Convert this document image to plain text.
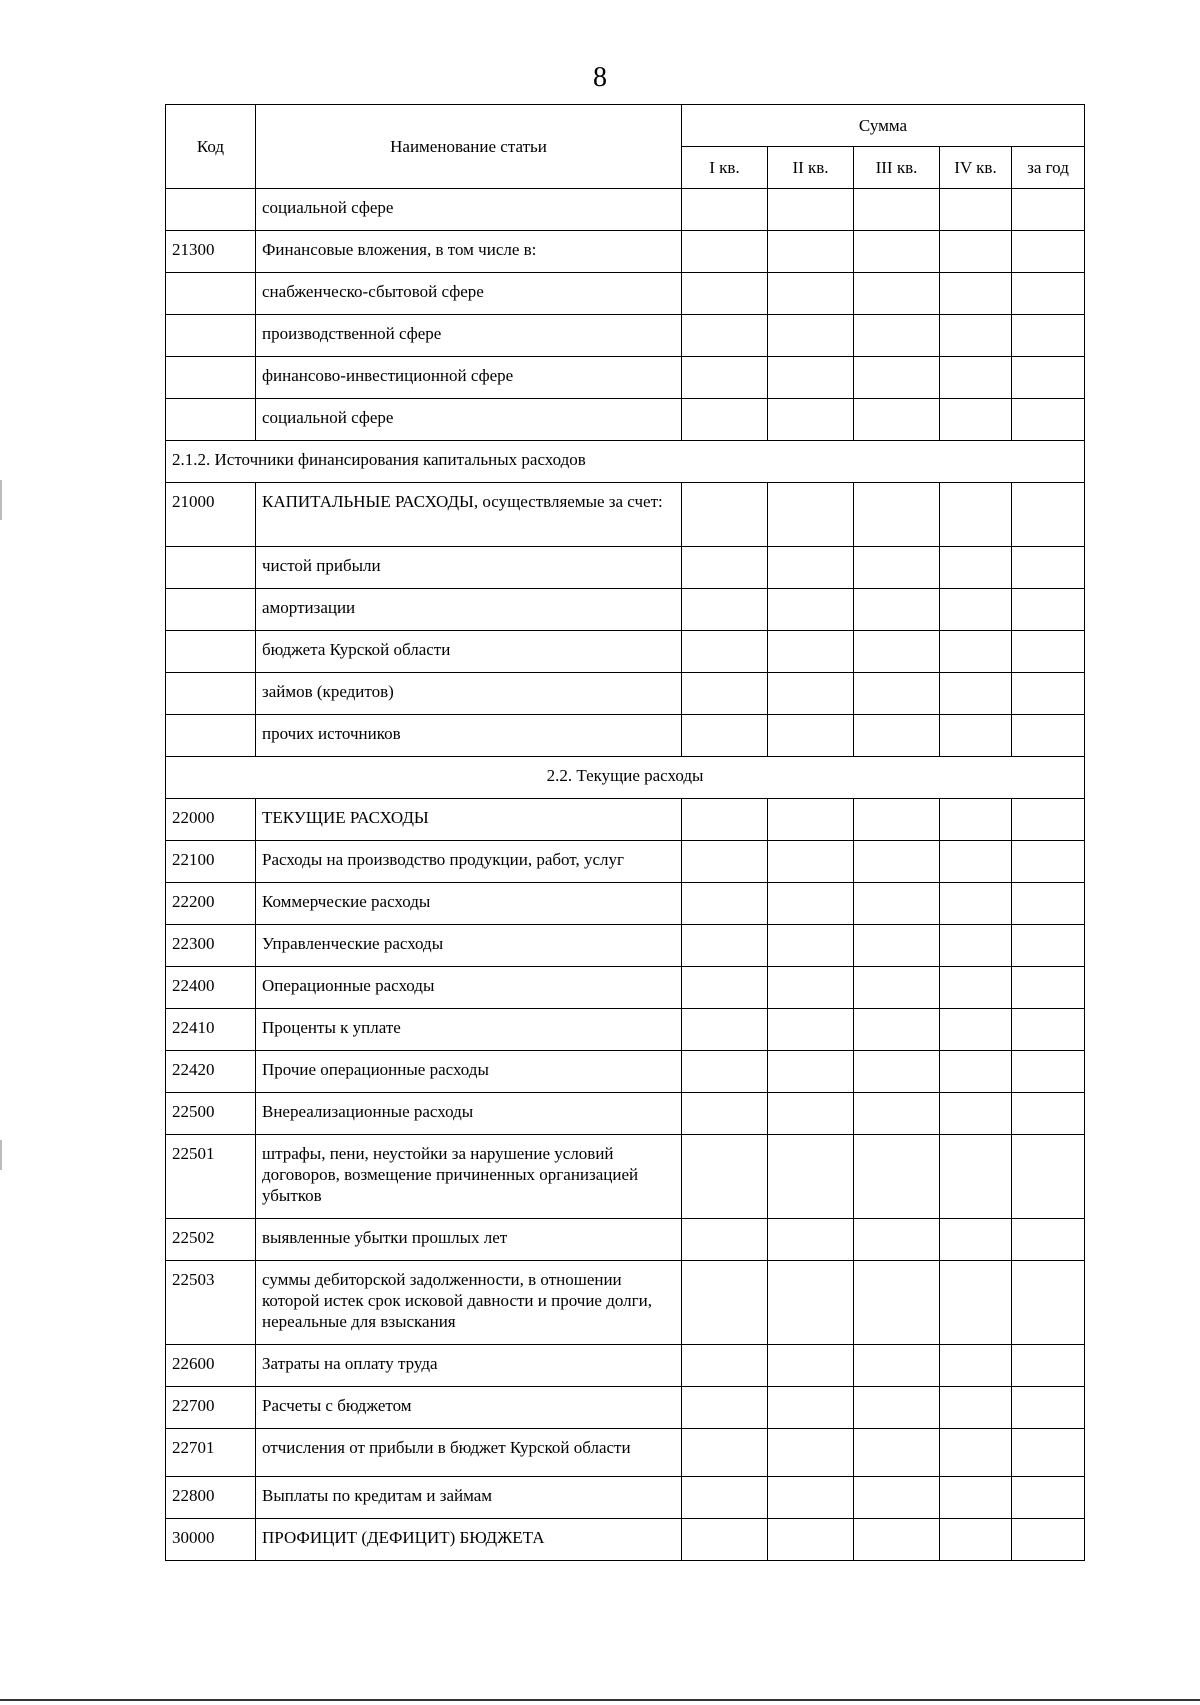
8
Код	Наименование статьи	Сумма				
		I кв.	II кв.	III кв.	IV кв.	за год

	социальной сфере					

21300	Финансовые вложения, в том числе в:					

	снабженческо-сбытовой сфере					

	производственной сфере					

	финансово-инвестиционной сфере					

	социальной сфере					

2.1.2. Источники финансирования капитальных расходов						

21000	КАПИТАЛЬНЫЕ РАСХОДЫ, осуществляемые за счет:					

	чистой прибыли					

	амортизации					

	бюджета Курской области					

	займов (кредитов)					

	прочих источников					

2.2. Текущие расходы						

22000	ТЕКУЩИЕ РАСХОДЫ					

22100	Расходы на производство продукции, работ, услуг					

22200	Коммерческие расходы					

22300	Управленческие расходы					

22400	Операционные расходы					

22410	Проценты к уплате					

22420	Прочие операционные расходы					

22500	Внереализационные расходы					

22501	штрафы, пени, неустойки за нарушение условий договоров, возмещение причиненных организацией убытков					

22502	выявленные убытки прошлых лет					

22503	суммы дебиторской задолженности, в отношении которой истек срок исковой давности и прочие долги, нереальные для взыскания					

22600	Затраты на оплату труда					

22700	Расчеты с бюджетом					

22701	отчисления от прибыли в бюджет Курской области					

22800	Выплаты по кредитам и займам					

30000	ПРОФИЦИТ (ДЕФИЦИТ) БЮДЖЕТА					
